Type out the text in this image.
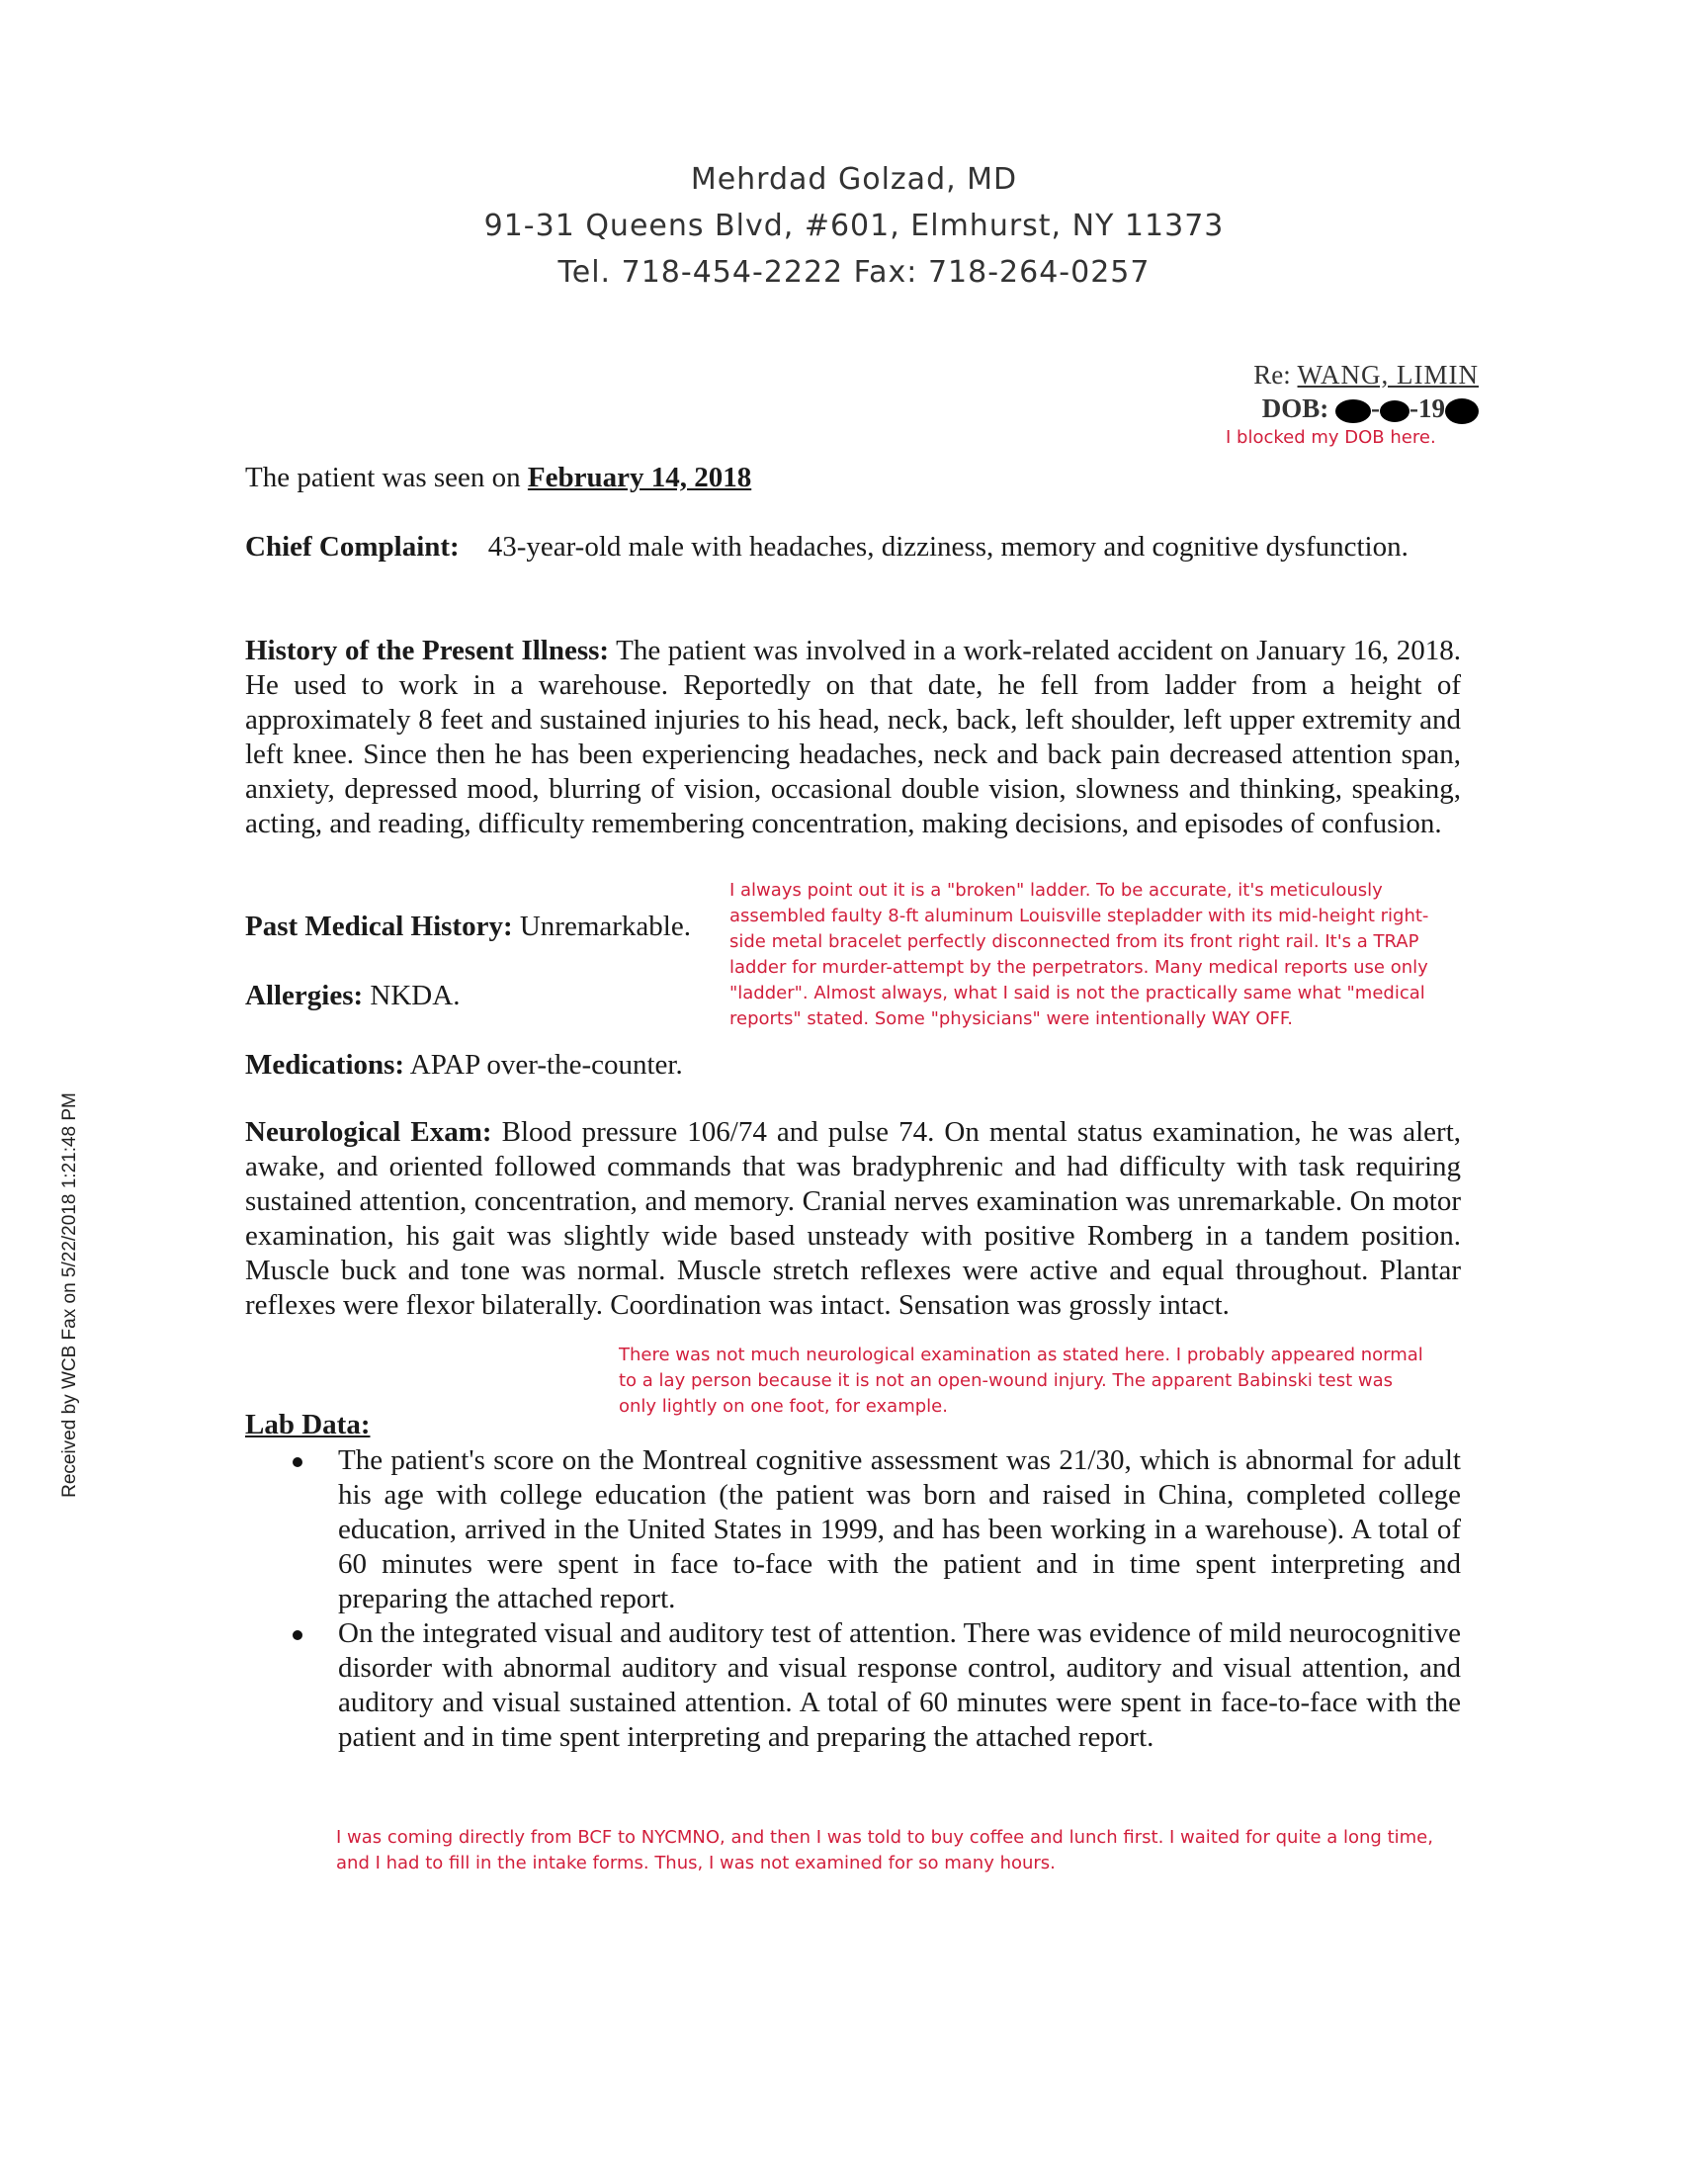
Received by WCB Fax on 5/22/2018 1:21:48 PM
Mehrdad Golzad, MD
91-31 Queens Blvd, #601, Elmhurst, NY 11373
Tel. 718-454-2222 Fax: 718-264-0257
Re: WANG, LIMIN
DOB: - -19
I blocked my DOB here.
The patient was seen on February 14, 2018
Chief Complaint: 43-year-old male with headaches, dizziness, memory and cognitive dysfunction.
History of the Present Illness: The patient was involved in a work-related accident on January 16, 2018. He used to work in a warehouse. Reportedly on that date, he fell from ladder from a height of approximately 8 feet and sustained injuries to his head, neck, back, left shoulder, left upper extremity and left knee. Since then he has been experiencing headaches, neck and back pain decreased attention span, anxiety, depressed mood, blurring of vision, occasional double vision, slowness and thinking, speaking, acting, and reading, difficulty remembering concentration, making decisions, and episodes of confusion.
I always point out it is a "broken" ladder. To be accurate, it's meticulously assembled faulty 8-ft aluminum Louisville stepladder with its mid-height right-side metal bracelet perfectly disconnected from its front right rail. It's a TRAP ladder for murder-attempt by the perpetrators. Many medical reports use only "ladder". Almost always, what I said is not the practically same what "medical reports" stated. Some "physicians" were intentionally WAY OFF.
Past Medical History: Unremarkable.
Allergies: NKDA.
Medications: APAP over-the-counter.
Neurological Exam: Blood pressure 106/74 and pulse 74. On mental status examination, he was alert, awake, and oriented followed commands that was bradyphrenic and had difficulty with task requiring sustained attention, concentration, and memory. Cranial nerves examination was unremarkable. On motor examination, his gait was slightly wide based unsteady with positive Romberg in a tandem position. Muscle buck and tone was normal. Muscle stretch reflexes were active and equal throughout. Plantar reflexes were flexor bilaterally. Coordination was intact. Sensation was grossly intact.
There was not much neurological examination as stated here. I probably appeared normal to a lay person because it is not an open-wound injury. The apparent Babinski test was only lightly on one foot, for example.
Lab Data:
The patient's score on the Montreal cognitive assessment was 21/30, which is abnormal for adult his age with college education (the patient was born and raised in China, completed college education, arrived in the United States in 1999, and has been working in a warehouse). A total of 60 minutes were spent in face to-face with the patient and in time spent interpreting and preparing the attached report.
On the integrated visual and auditory test of attention. There was evidence of mild neurocognitive disorder with abnormal auditory and visual response control, auditory and visual attention, and auditory and visual sustained attention. A total of 60 minutes were spent in face-to-face with the patient and in time spent interpreting and preparing the attached report.
I was coming directly from BCF to NYCMNO, and then I was told to buy coffee and lunch first. I waited for quite a long time, and I had to fill in the intake forms. Thus, I was not examined for so many hours.
